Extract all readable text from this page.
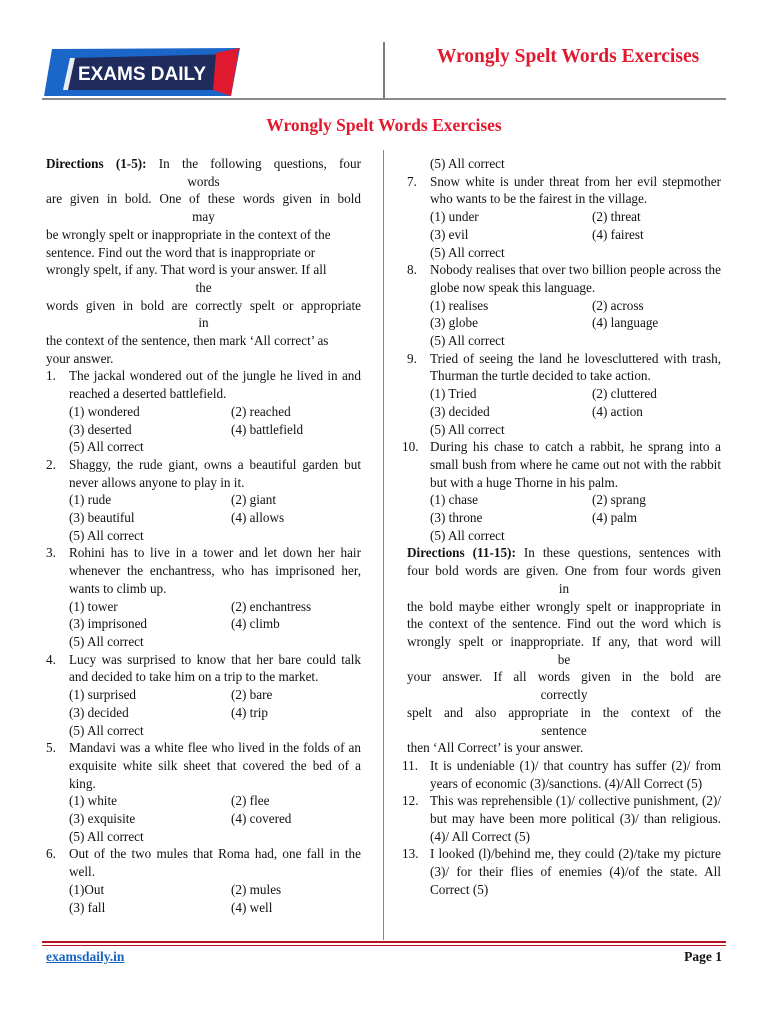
EXAMS DAILY
Wrongly Spelt Words Exercises
Wrongly Spelt Words Exercises
Directions (1-5): In the following questions, four
words
are given in bold. One of these words given in bold
may
be wrongly spelt or inappropriate in the context of the
sentence. Find out the word that is inappropriate or
wrongly spelt, if any. That word is your answer. If all
the
words given in bold are correctly spelt or appropriate
in
the context of the sentence, then mark ‘All correct’ as
your answer.
1. The jackal wondered out of the jungle he lived in and reached a deserted battlefield.
(1) wondered	(2) reached
(3) deserted	(4) battlefield
(5) All correct
2. Shaggy, the rude giant, owns a beautiful garden but never allows anyone to play in it.
(1) rude	(2) giant
(3) beautiful	(4) allows
(5) All correct
3. Rohini has to live in a tower and let down her hair whenever the enchantress, who has imprisoned her, wants to climb up.
(1) tower	(2) enchantress
(3) imprisoned	(4) climb
(5) All correct
4. Lucy was surprised to know that her bare could talk and decided to take him on a trip to the market.
(1) surprised	(2) bare
(3) decided	(4) trip
(5) All correct
5. Mandavi was a white flee who lived in the folds of an exquisite white silk sheet that covered the bed of a king.
(1) white	(2) flee
(3) exquisite	(4) covered
(5) All correct
6. Out of the two mules that Roma had, one fall in the well.
(1)Out	(2) mules
(3) fall	(4) well
(5) All correct
7. Snow white is under threat from her evil stepmother who wants to be the fairest in the village.
(1) under	(2) threat
(3) evil	(4) fairest
(5) All correct
8. Nobody realises that over two billion people across the globe now speak this language.
(1) realises	(2) across
(3) globe	(4) language
(5) All correct
9. Tried of seeing the land he lovescluttered with trash, Thurman the turtle decided to take action.
(1) Tried	(2) cluttered
(3) decided	(4) action
(5) All correct
10. During his chase to catch a rabbit, he sprang into a small bush from where he came out not with the rabbit but with a huge Thorne in his palm.
(1) chase	(2) sprang
(3) throne	(4) palm
(5) All correct
Directions (11-15): In these questions, sentences with
four bold words are given. One from four words given
in
the bold maybe either wrongly spelt or inappropriate in
the context of the sentence. Find out the word which is
wrongly spelt or inappropriate. If any, that word will
be
your answer. If all words given in the bold are
correctly
spelt and also appropriate in the context of the
sentence
then ‘All Correct’ is your answer.
11. It is undeniable (1)/ that country has suffer (2)/ from years of economic (3)/sanctions. (4)/All Correct (5)
12. This was reprehensible (1)/ collective punishment, (2)/ but may have been more political (3)/ than religious.(4)/ All Correct (5)
13. I looked (l)/behind me, they could (2)/take my picture (3)/ for their flies of enemies (4)/of the state. All Correct (5)
examsdaily.in	Page 1
